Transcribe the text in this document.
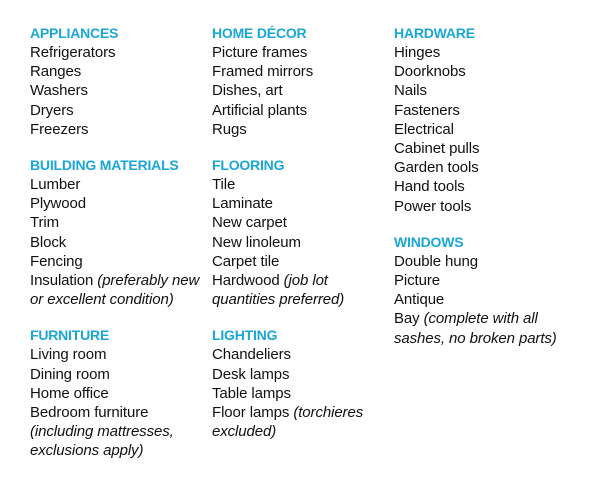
APPLIANCES
Refrigerators
Ranges
Washers
Dryers
Freezers
BUILDING MATERIALS
Lumber
Plywood
Trim
Block
Fencing
Insulation (preferably new or excellent condition)
FURNITURE
Living room
Dining room
Home office
Bedroom furniture (including mattresses, exclusions apply)
HOME DÉCOR
Picture frames
Framed mirrors
Dishes, art
Artificial plants
Rugs
FLOORING
Tile
Laminate
New carpet
New linoleum
Carpet tile
Hardwood (job lot quantities preferred)
LIGHTING
Chandeliers
Desk lamps
Table lamps
Floor lamps (torchieres excluded)
HARDWARE
Hinges
Doorknobs
Nails
Fasteners
Electrical
Cabinet pulls
Garden tools
Hand tools
Power tools
WINDOWS
Double hung
Picture
Antique
Bay (complete with all sashes, no broken parts)
